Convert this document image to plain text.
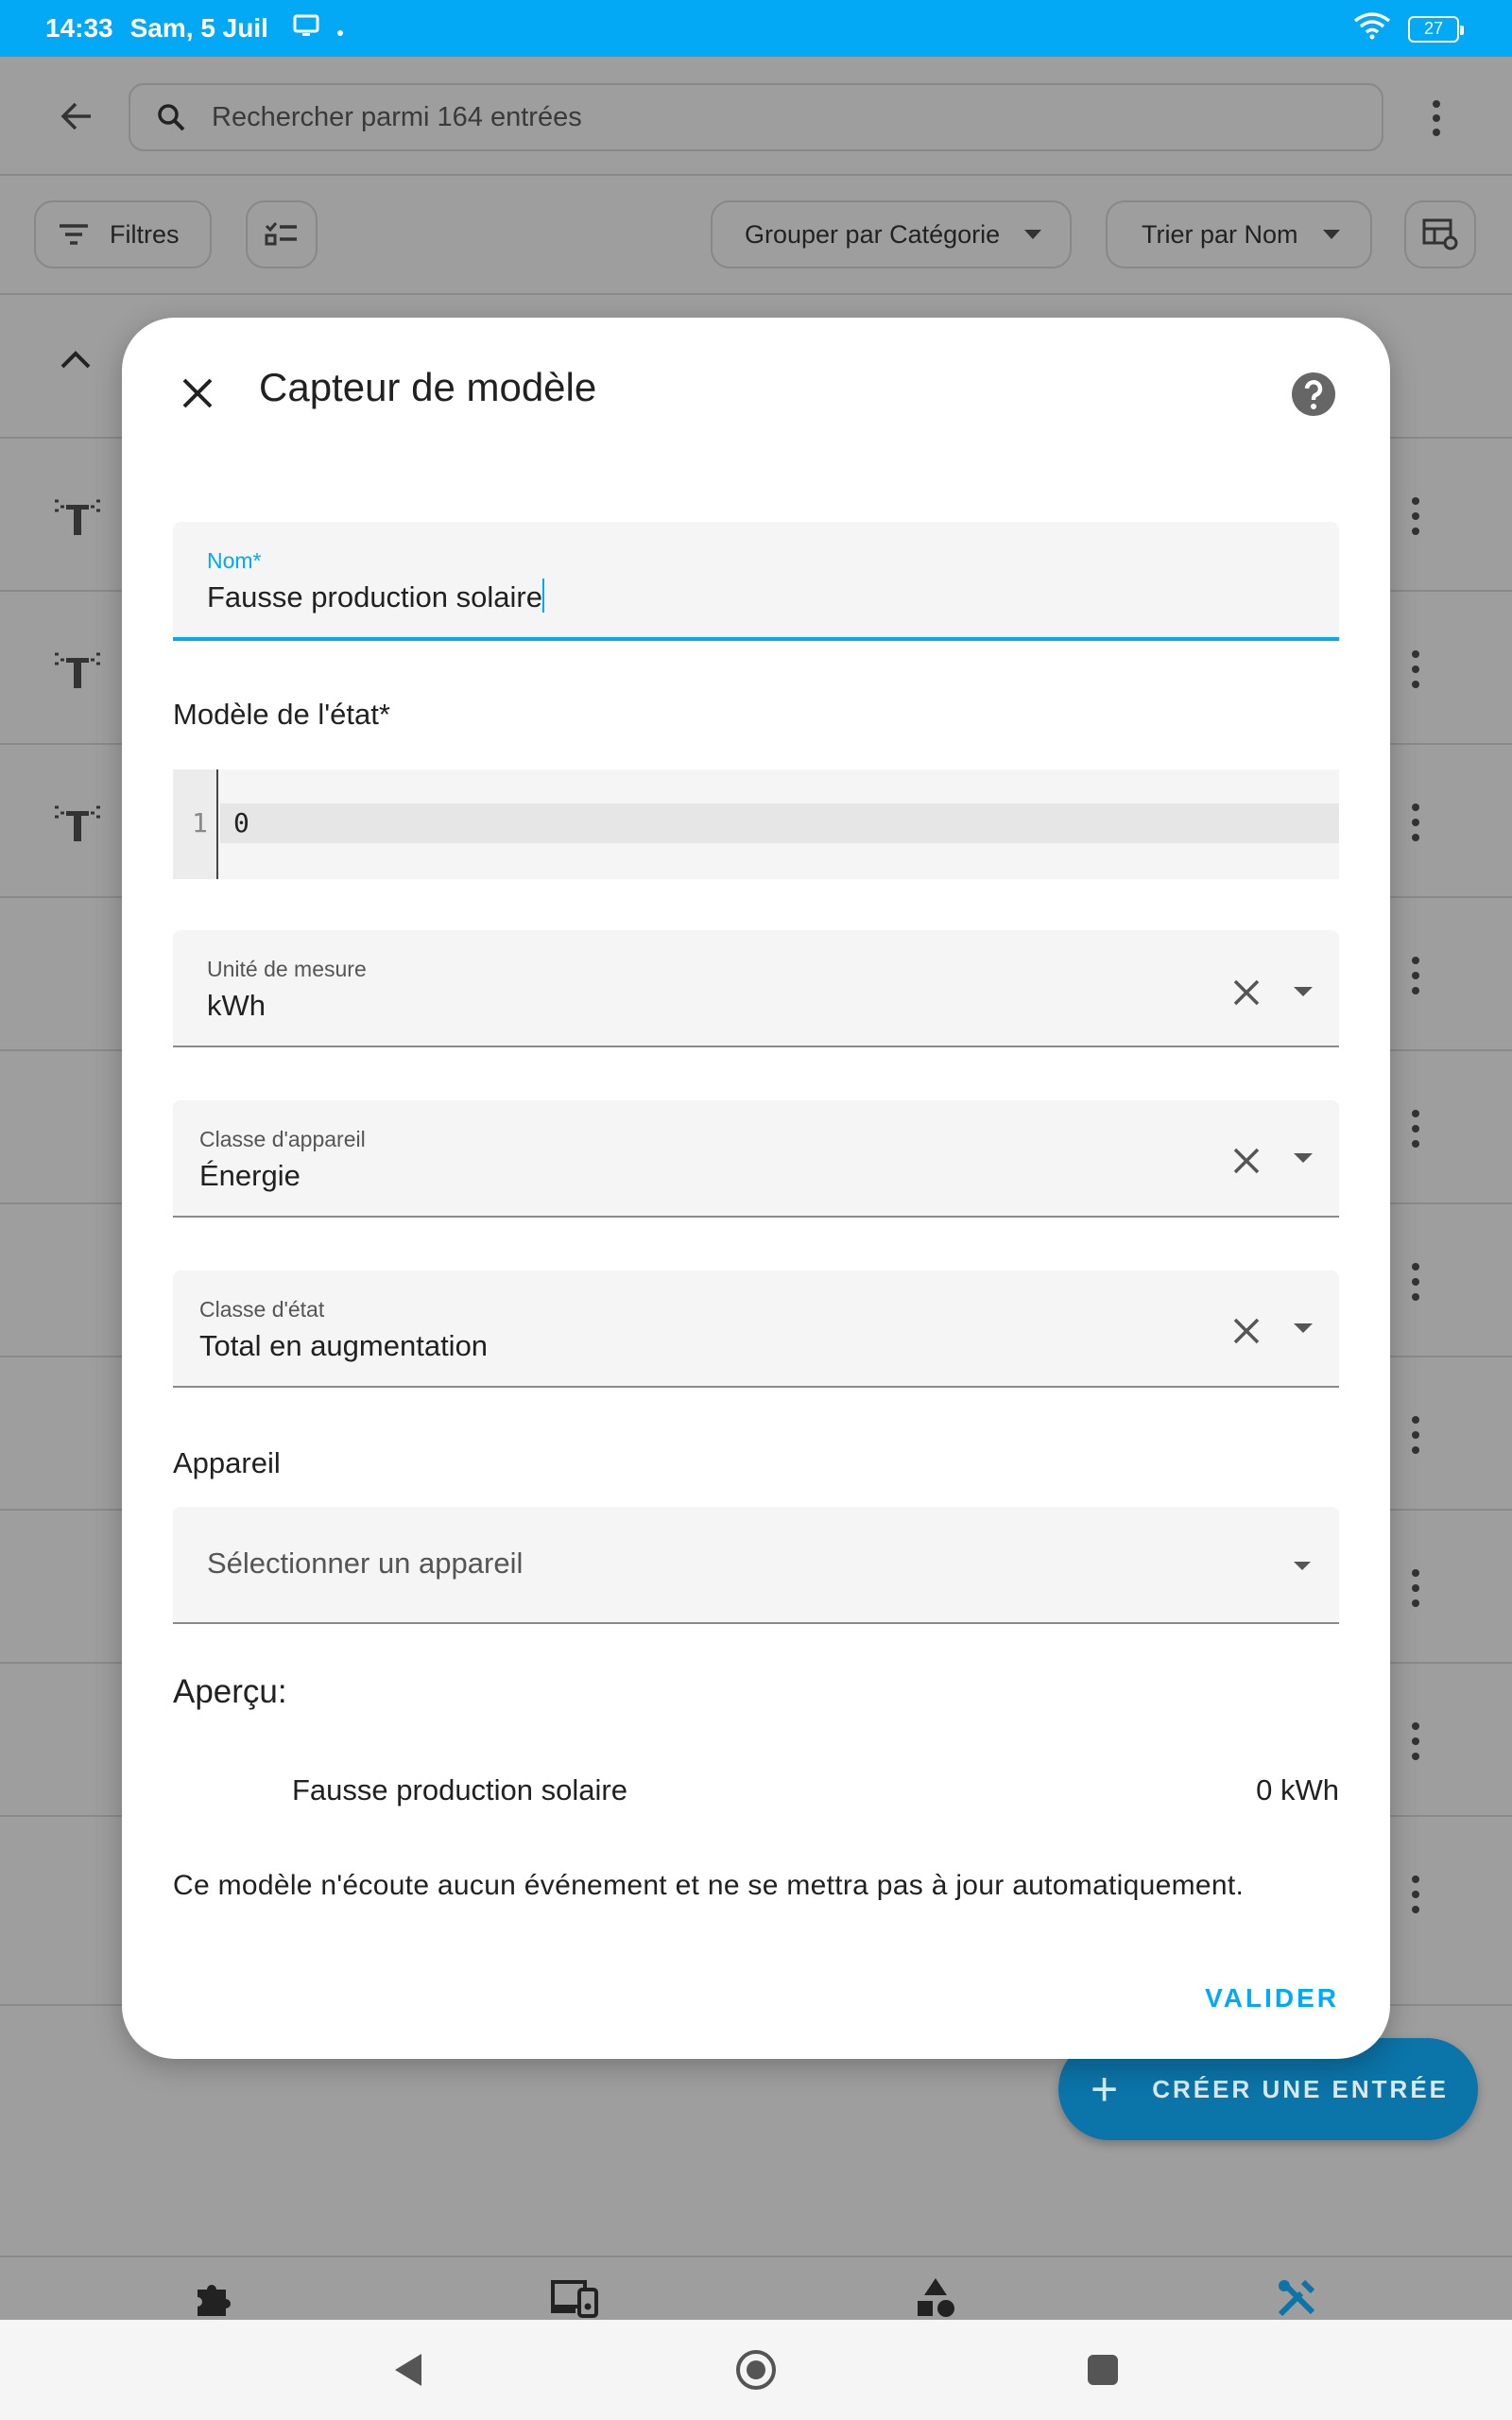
14:33 Sam, 5 Juil	27
Rechercher parmi 164 entrées
Filtres	Grouper par Catégorie	Trier par Nom
+ CRÉER UNE ENTRÉE
Capteur de modèle
Nom*
Fausse production solaire
Modèle de l'état*
1 0
Unité de mesure
kWh
Classe d'appareil
Énergie
Classe d'état
Total en augmentation
Appareil
Sélectionner un appareil
Aperçu:
Fausse production solaire	0 kWh
Ce modèle n'écoute aucun événement et ne se mettra pas à jour automatiquement.
VALIDER
